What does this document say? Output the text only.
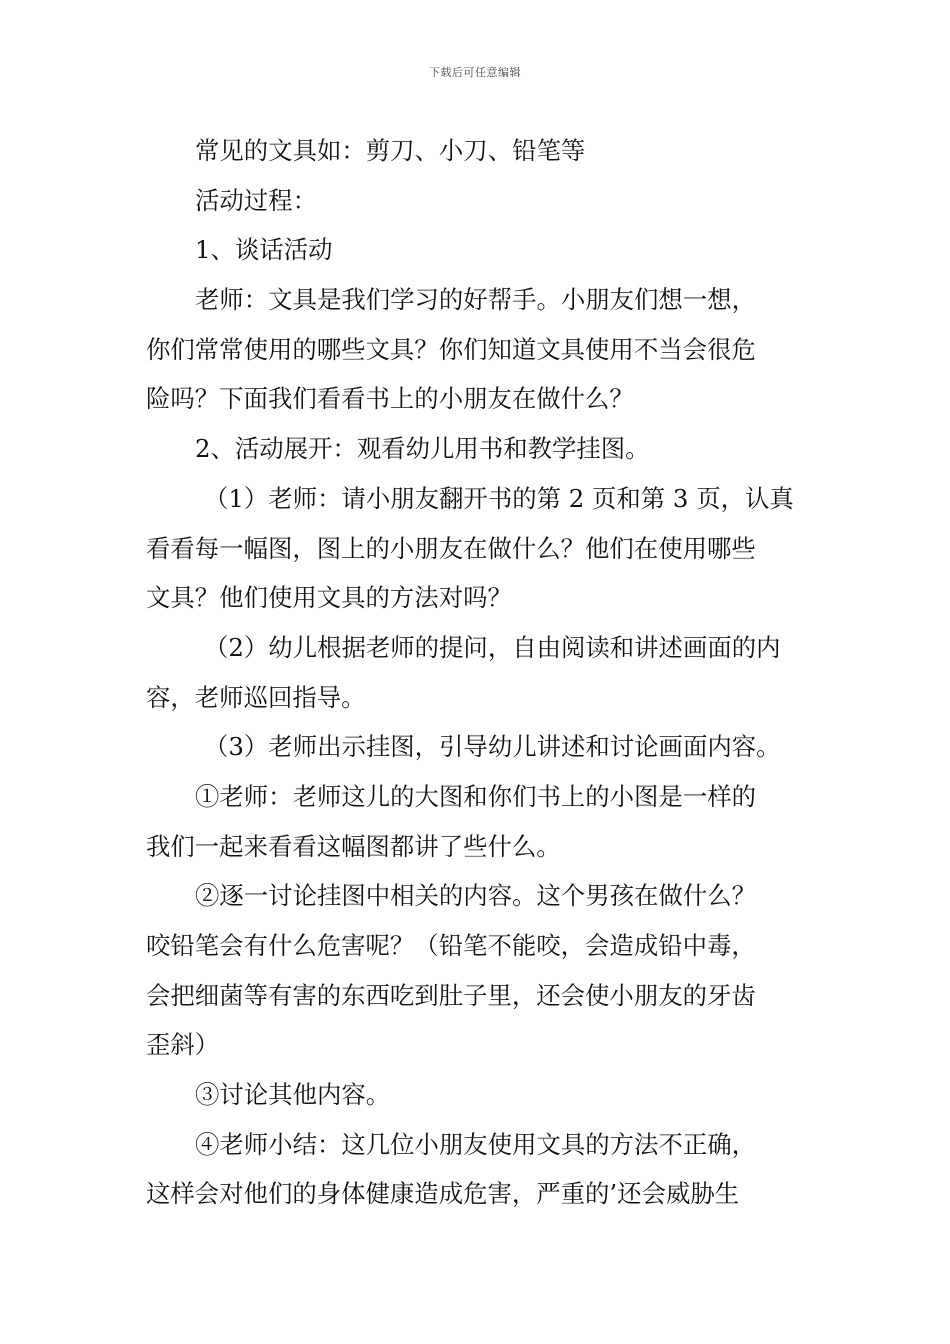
下载后可任意编辑
常见的文具如：剪刀、小刀、铅笔等
活动过程：
1、谈话活动
老师：文具是我们学习的好帮手。小朋友们想一想，
你们常常使用的哪些文具？你们知道文具使用不当会很危
险吗？下面我们看看书上的小朋友在做什么？
2、活动展开：观看幼儿用书和教学挂图。
（1）老师：请小朋友翻开书的第 2 页和第 3 页，认真
看看每一幅图，图上的小朋友在做什么？他们在使用哪些
文具？他们使用文具的方法对吗？
（2）幼儿根据老师的提问，自由阅读和讲述画面的内
容，老师巡回指导。
（3）老师出示挂图，引导幼儿讲述和讨论画面内容。
①老师：老师这儿的大图和你们书上的小图是一样的
我们一起来看看这幅图都讲了些什么。
②逐一讨论挂图中相关的内容。这个男孩在做什么？
咬铅笔会有什么危害呢？（铅笔不能咬，会造成铅中毒，
会把细菌等有害的东西吃到肚子里，还会使小朋友的牙齿
歪斜）
③讨论其他内容。
④老师小结：这几位小朋友使用文具的方法不正确，
这样会对他们的身体健康造成危害，严重的’还会威胁生
